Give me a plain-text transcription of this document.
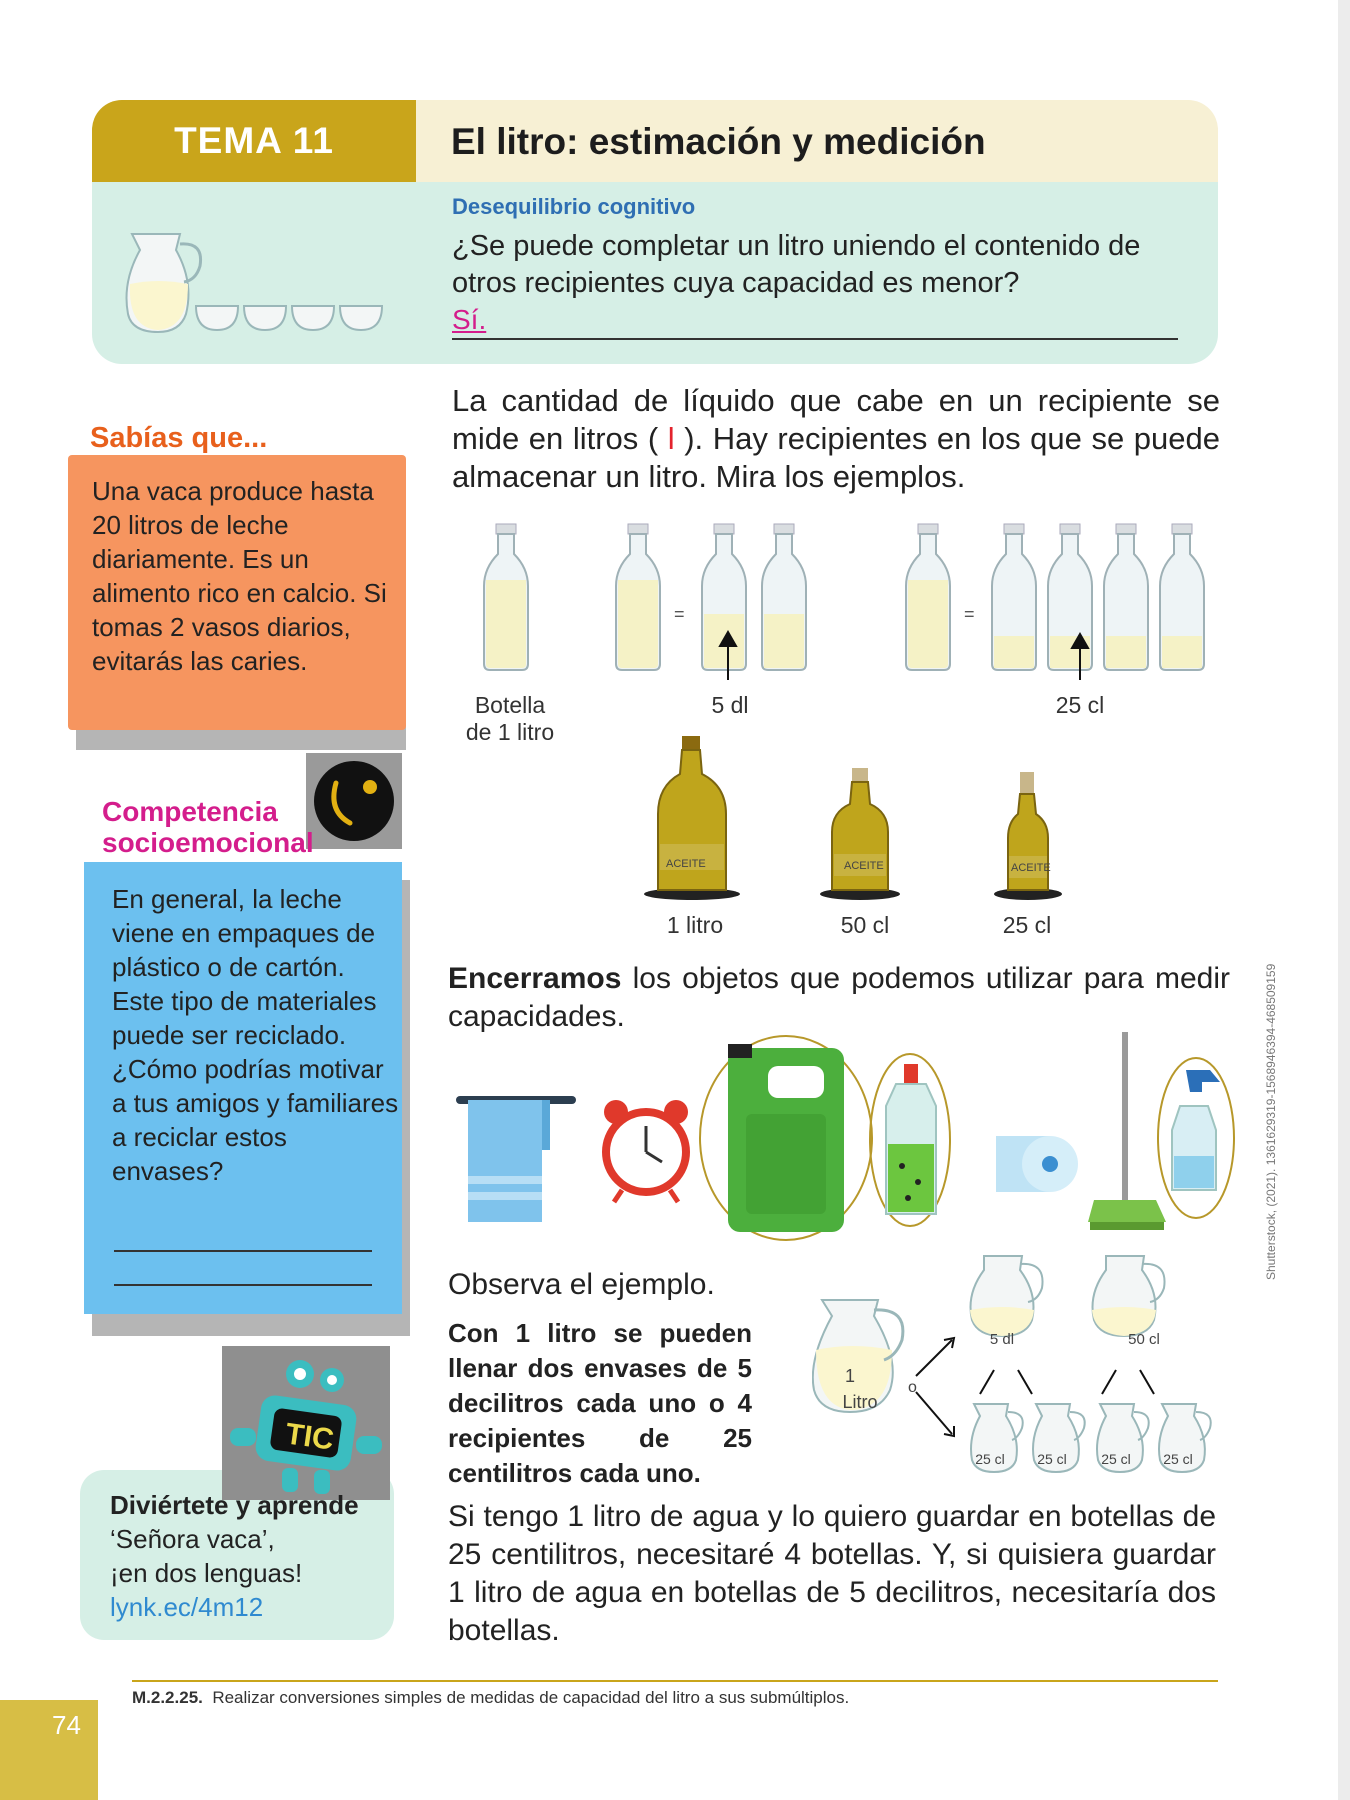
TEMA 11	El litro: estimación y medición
Desequilibrio cognitivo
¿Se puede completar un litro uniendo el contenido de otros recipientes cuya capacidad es menor?
Sí.
Sabías que...
Una vaca produce hasta 20 litros de leche diariamente. Es un alimento rico en calcio. Si tomas 2 vasos diarios, evitarás las caries.
Competencia
socioemocional
En general, la leche viene en empaques de plástico o de cartón. Este tipo de materiales puede ser reciclado. ¿Cómo podrías motivar a tus amigos y familiares a reciclar estos envases?
TIC
Diviértete y aprende
‘Señora vaca’,
¡en dos lenguas!
lynk.ec/4m12
La cantidad de líquido que cabe en un recipiente se mide en litros ( l ). Hay recipientes en los que se puede almacenar un litro. Mira los ejemplos.
=	=
Botella
de 1 litro
5 dl	25 cl
ACEITE	ACEITE	ACEITE
1 litro	50 cl	25 cl
Encerramos los objetos que podemos utilizar para medir capacidades.
Observa el ejemplo.
Con 1 litro se pueden llenar dos envases de 5 decilitros cada uno o 4 recipientes de 25 centilitros cada uno.
1
Litro
o
5 dl	50 cl
25 cl 25 cl 25 cl 25 cl
Si tengo 1 litro de agua y lo quiero guardar en botellas de 25 centilitros, necesitaré 4 botellas. Y, si quisiera guardar 1 litro de agua en botellas de 5 decilitros, necesitaría dos botellas.
M.2.2.25. Realizar conversiones simples de medidas de capacidad del litro a sus submúltiplos.
74
Shutterstock, (2021). 1361629319-1568946394-468509159
